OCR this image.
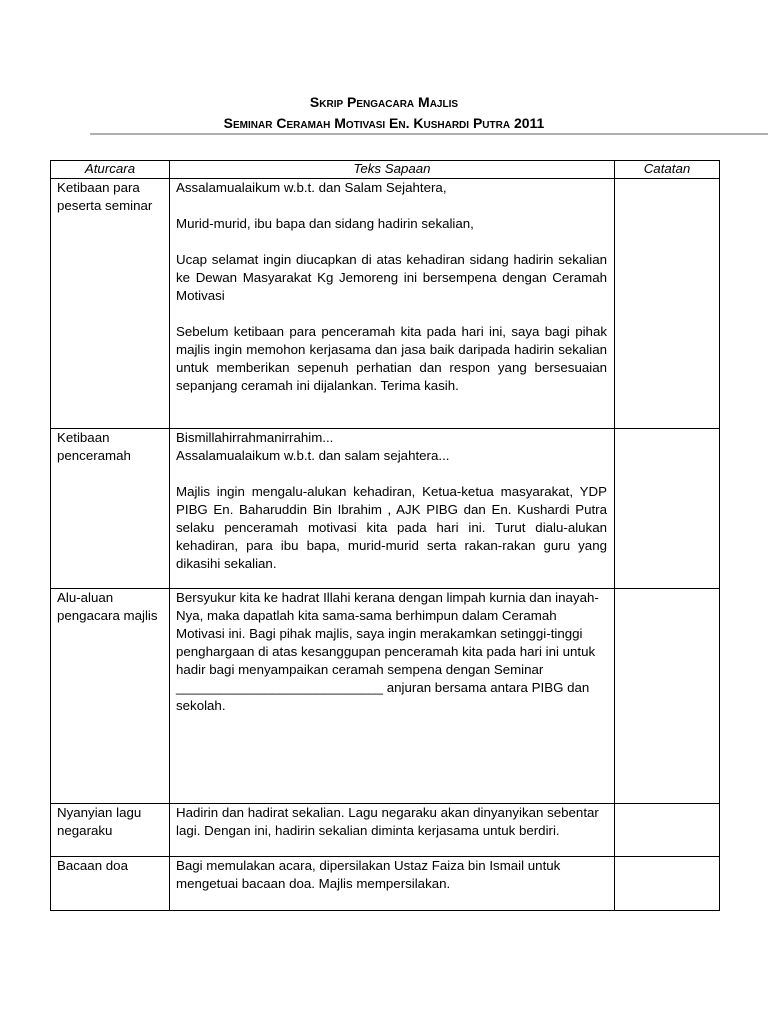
Skrip Pengacara Majlis
Seminar Ceramah Motivasi En. Kushardi Putra 2011
Aturcara	Teks Sapaan	Catatan
Ketibaan para peserta seminar	Assalamualaikum w.b.t. dan Salam Sejahtera,

Murid-murid, ibu bapa dan sidang hadirin sekalian,

Ucap selamat ingin diucapkan di atas kehadiran sidang hadirin sekalian ke Dewan Masyarakat Kg Jemoreng ini bersempena dengan Ceramah Motivasi

Sebelum ketibaan para penceramah kita pada hari ini, saya bagi pihak majlis ingin memohon kerjasama dan jasa baik daripada hadirin sekalian untuk memberikan sepenuh perhatian dan respon yang bersesuaian sepanjang ceramah ini dijalankan. Terima kasih.	

Ketibaan penceramah	Bismillahirrahmanirrahim...

Assalamualaikum w.b.t. dan salam sejahtera...

Majlis ingin mengalu-alukan kehadiran, Ketua-ketua masyarakat, YDP PIBG En. Baharuddin Bin Ibrahim , AJK PIBG dan En. Kushardi Putra selaku penceramah motivasi kita pada hari ini. Turut dialu-alukan kehadiran, para ibu bapa, murid-murid serta rakan-rakan guru yang dikasihi sekalian.	

Alu-aluan pengacara majlis	Bersyukur kita ke hadrat Illahi kerana dengan limpah kurnia dan inayah-Nya, maka dapatlah kita sama-sama berhimpun dalam Ceramah Motivasi ini. Bagi pihak majlis, saya ingin merakamkan setinggi-tinggi penghargaan di atas kesanggupan penceramah kita pada hari ini untuk hadir bagi menyampaikan ceramah sempena dengan Seminar ____________________________ anjuran bersama antara PIBG dan sekolah.	

Nyanyian lagu negaraku	Hadirin dan hadirat sekalian. Lagu negaraku akan dinyanyikan sebentar lagi. Dengan ini, hadirin sekalian diminta kerjasama untuk berdiri.	

Bacaan doa	Bagi memulakan acara, dipersilakan Ustaz Faiza bin Ismail untuk mengetuai bacaan doa. Majlis mempersilakan.	
